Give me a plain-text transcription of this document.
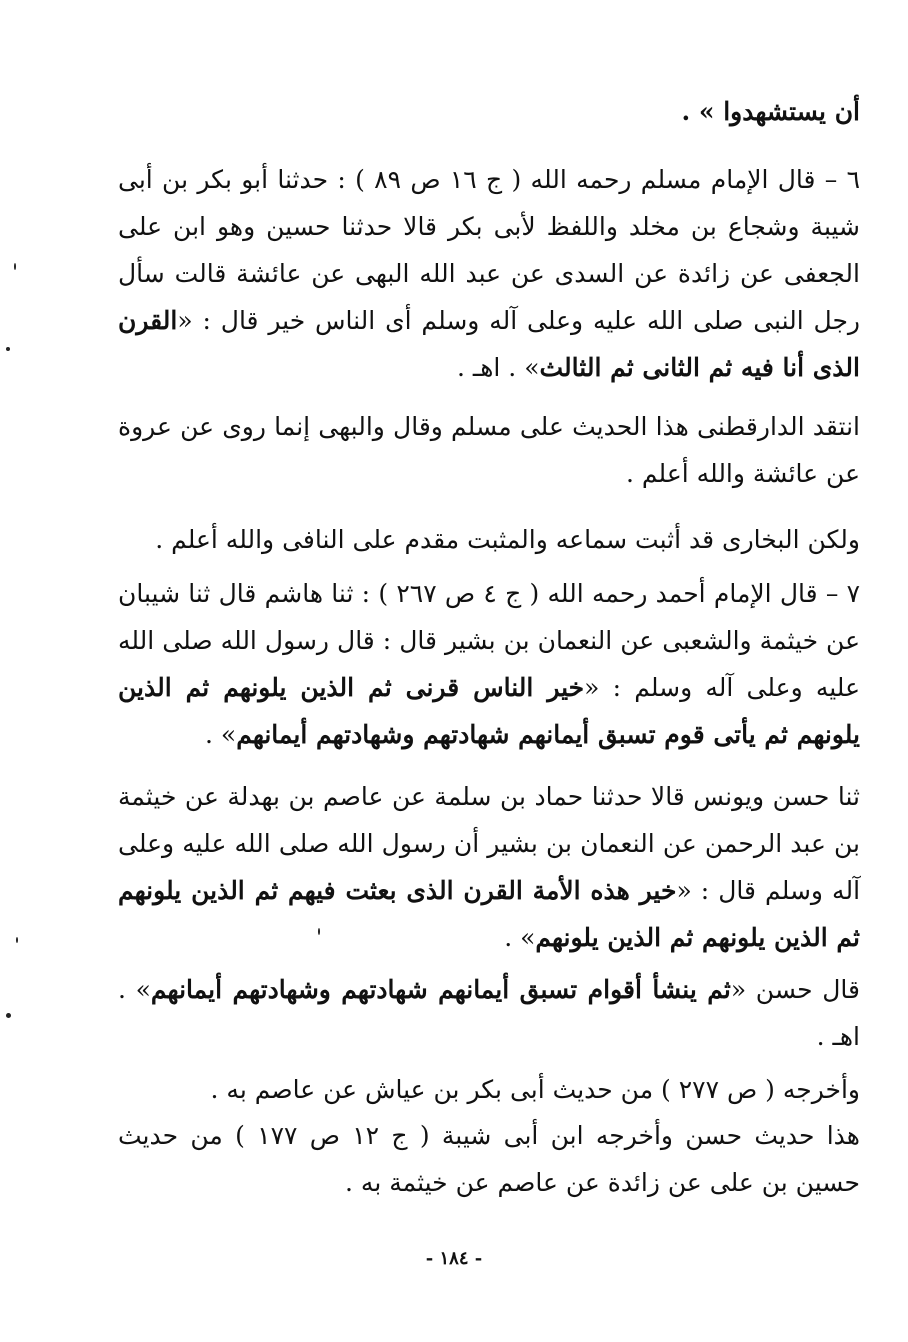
أن يستشهدوا » .

٦ – قال الإمام مسلم رحمه الله ( ج ١٦ ص ٨٩ ) : حدثنا أبو بكر بن أبى شيبة وشجاع بن مخلد واللفظ لأبى بكر قالا حدثنا حسين وهو ابن على الجعفى عن زائدة عن السدى عن عبد الله البهى عن عائشة قالت سأل رجل النبى صلى الله عليه وعلى آله وسلم أى الناس خير قال : «القرن الذى أنا فيه ثم الثانى ثم الثالث» . اهـ .

انتقد الدارقطنى هذا الحديث على مسلم وقال والبهى إنما روى عن عروة عن عائشة والله أعلم .

ولكن البخارى قد أثبت سماعه والمثبت مقدم على النافى والله أعلم .

٧ – قال الإمام أحمد رحمه الله ( ج ٤ ص ٢٦٧ ) : ثنا هاشم قال ثنا شيبان عن خيثمة والشعبى عن النعمان بن بشير قال : قال رسول الله صلى الله عليه وعلى آله وسلم : «خير الناس قرنى ثم الذين يلونهم ثم الذين يلونهم ثم يأتى قوم تسبق أيمانهم شهادتهم وشهادتهم أيمانهم» .

ثنا حسن ويونس قالا حدثنا حماد بن سلمة عن عاصم بن بهدلة عن خيثمة بن عبد الرحمن عن النعمان بن بشير أن رسول الله صلى الله عليه وعلى آله وسلم قال : «خير هذه الأمة القرن الذى بعثت فيهم ثم الذين يلونهم ثم الذين يلونهم ثم الذين يلونهم» .

قال حسن «ثم ينشأ أقوام تسبق أيمانهم شهادتهم وشهادتهم أيمانهم» . اهـ .

وأخرجه ( ص ٢٧٧ ) من حديث أبى بكر بن عياش عن عاصم به .

هذا حديث حسن وأخرجه ابن أبى شيبة ( ج ١٢ ص ١٧٧ ) من حديث حسين بن على عن زائدة عن عاصم عن خيثمة به .

- ١٨٤ -
